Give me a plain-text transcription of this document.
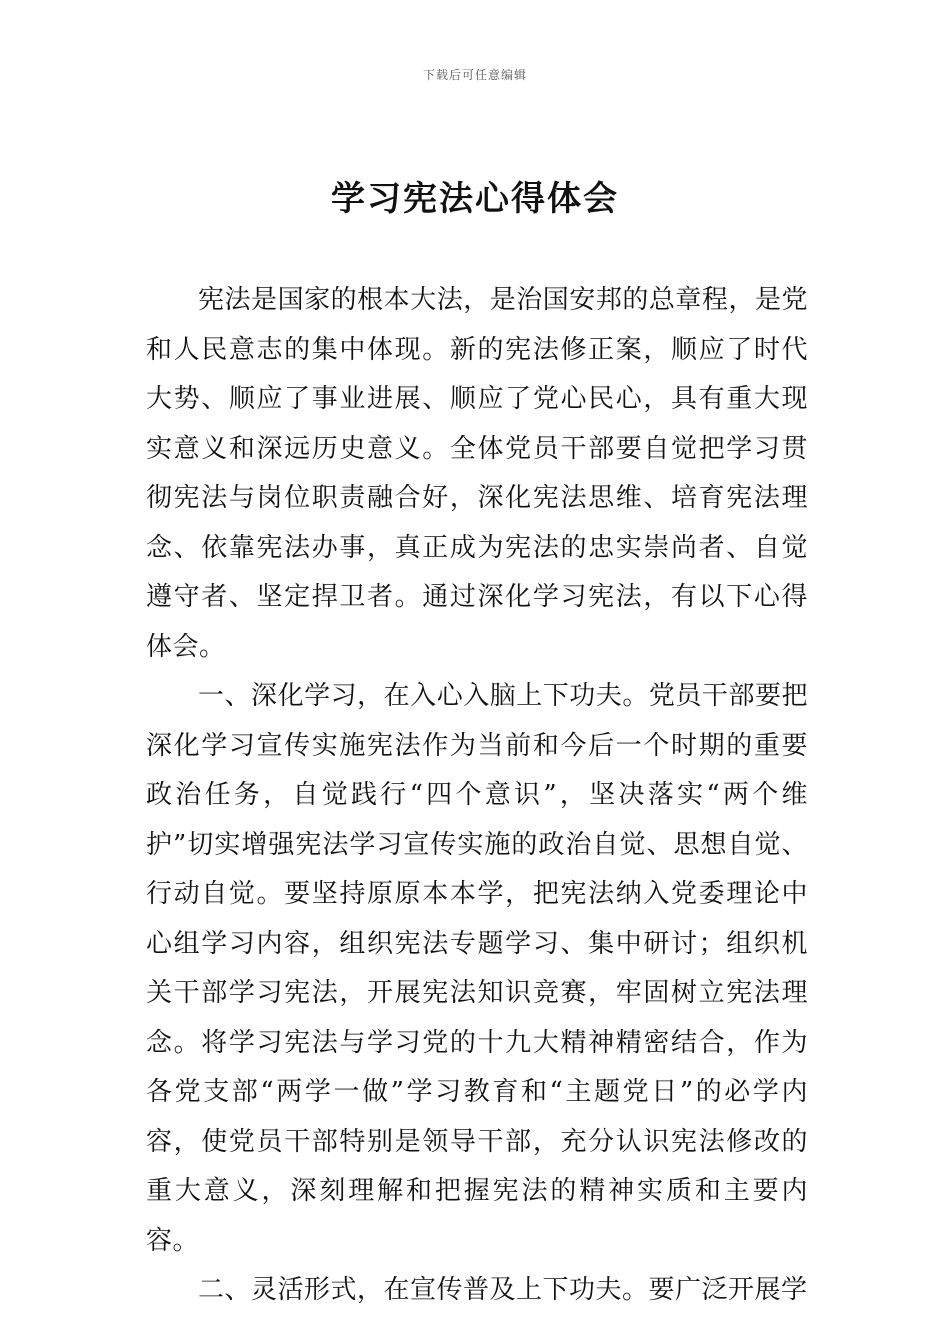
下载后可任意编辑
学习宪法心得体会

宪法是国家的根本大法，是治国安邦的总章程，是党和人民意志的集中体现。新的宪法修正案，顺应了时代大势、顺应了事业进展、顺应了党心民心，具有重大现实意义和深远历史意义。全体党员干部要自觉把学习贯彻宪法与岗位职责融合好，深化宪法思维、培育宪法理念、依靠宪法办事，真正成为宪法的忠实崇尚者、自觉遵守者、坚定捍卫者。通过深化学习宪法，有以下心得体会。

一、深化学习，在入心入脑上下功夫。党员干部要把深化学习宣传实施宪法作为当前和今后一个时期的重要政治任务，自觉践行“四个意识”，坚决落实“两个维护”切实增强宪法学习宣传实施的政治自觉、思想自觉、行动自觉。要坚持原原本本学，把宪法纳入党委理论中心组学习内容，组织宪法专题学习、集中研讨；组织机关干部学习宪法，开展宪法知识竞赛，牢固树立宪法理念。将学习宪法与学习党的十九大精神精密结合，作为各党支部“两学一做”学习教育和“主题党日”的必学内容，使党员干部特别是领导干部，充分认识宪法修改的重大意义，深刻理解和把握宪法的精神实质和主要内容。

二、灵活形式，在宣传普及上下功夫。要广泛开展学
